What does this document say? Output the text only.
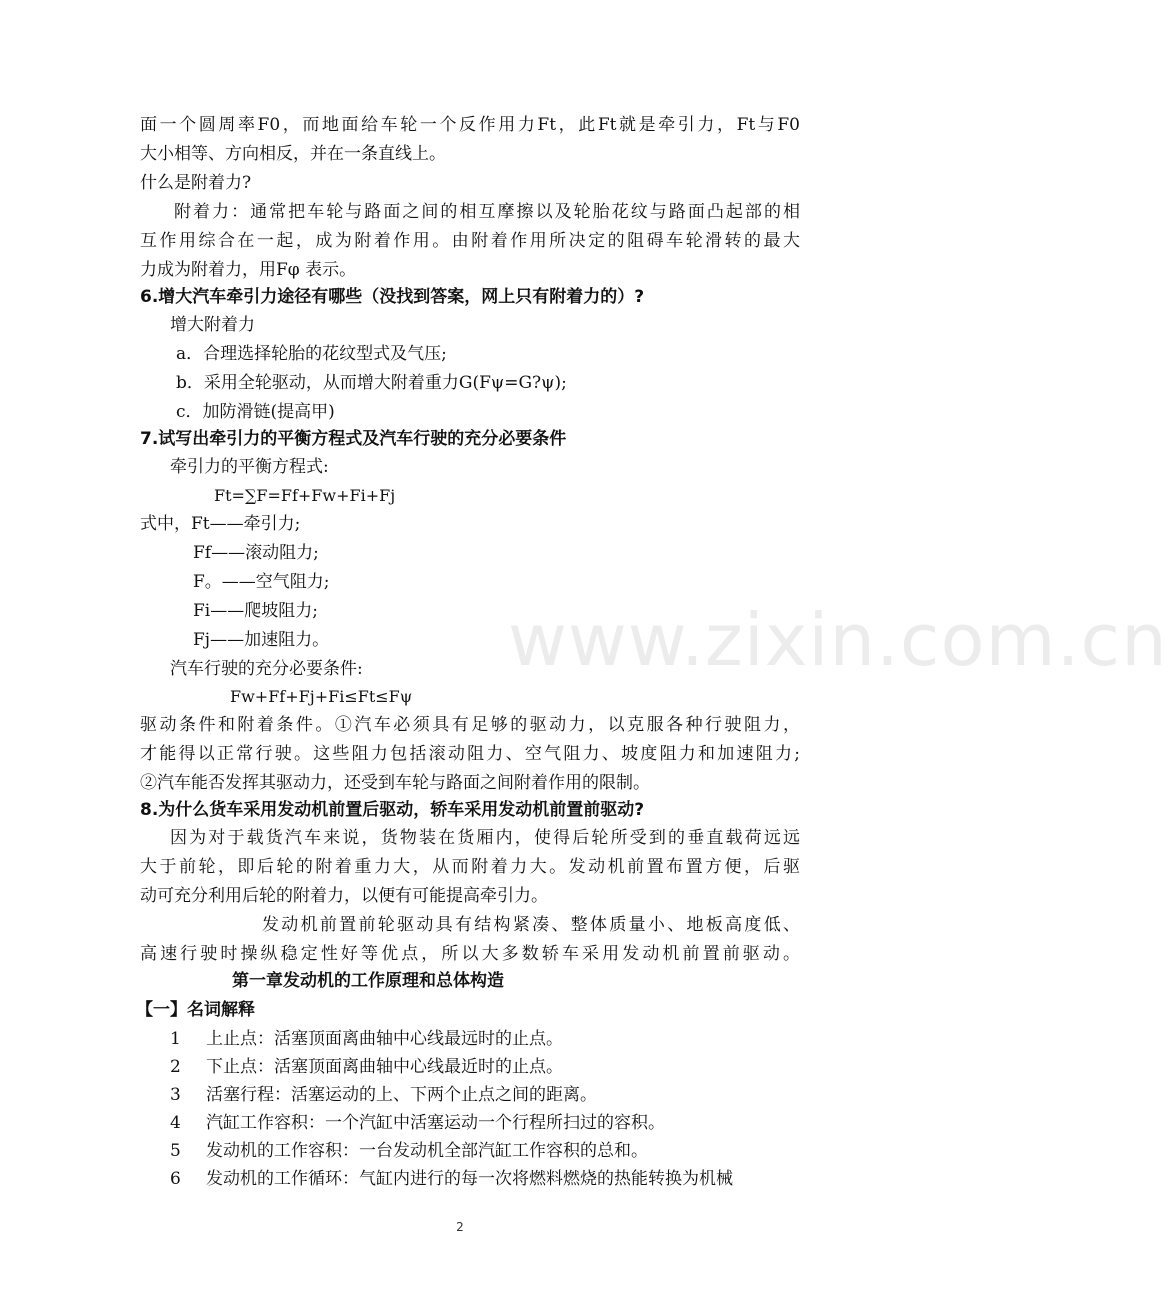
面一个圆周率F0，而地面给车轮一个反作用力Ft，此Ft就是牵引力，Ft与F0
大小相等、方向相反，并在一条直线上。
什么是附着力?
附着力：通常把车轮与路面之间的相互摩擦以及轮胎花纹与路面凸起部的相
互作用综合在一起，成为附着作用。由附着作用所决定的阻碍车轮滑转的最大
力成为附着力，用Fφ 表示。
6.增大汽车牵引力途径有哪些（没找到答案，网上只有附着力的）?
增大附着力
a．合理选择轮胎的花纹型式及气压;
b．采用全轮驱动，从而增大附着重力G(Fψ=G?ψ);
c．加防滑链(提高甲)
7.试写出牵引力的平衡方程式及汽车行驶的充分必要条件
牵引力的平衡方程式:
Ft=∑F=Ff+Fw+Fi+Fj
式中，Ft——牵引力;
Ff——滚动阻力;
F。——空气阻力;
Fi——爬坡阻力;
Fj——加速阻力。
汽车行驶的充分必要条件:
Fw+Ff+Fj+Fi≤Ft≤Fψ
驱动条件和附着条件。①汽车必须具有足够的驱动力，以克服各种行驶阻力，
才能得以正常行驶。这些阻力包括滚动阻力、空气阻力、坡度阻力和加速阻力;
②汽车能否发挥其驱动力，还受到车轮与路面之间附着作用的限制。
8.为什么货车采用发动机前置后驱动，轿车采用发动机前置前驱动?
因为对于载货汽车来说，货物装在货厢内，使得后轮所受到的垂直载荷远远
大于前轮，即后轮的附着重力大，从而附着力大。发动机前置布置方便，后驱
动可充分利用后轮的附着力，以便有可能提高牵引力。
发动机前置前轮驱动具有结构紧凑、整体质量小、地板高度低、
高速行驶时操纵稳定性好等优点，所以大多数轿车采用发动机前置前驱动。
第一章发动机的工作原理和总体构造
【一】名词解释
1 上止点：活塞顶面离曲轴中心线最远时的止点。
2 下止点：活塞顶面离曲轴中心线最近时的止点。
3 活塞行程：活塞运动的上、下两个止点之间的距离。
4 汽缸工作容积：一个汽缸中活塞运动一个行程所扫过的容积。
5 发动机的工作容积：一台发动机全部汽缸工作容积的总和。
6 发动机的工作循环：气缸内进行的每一次将燃料燃烧的热能转换为机械
www.zixin.com.cn
2
